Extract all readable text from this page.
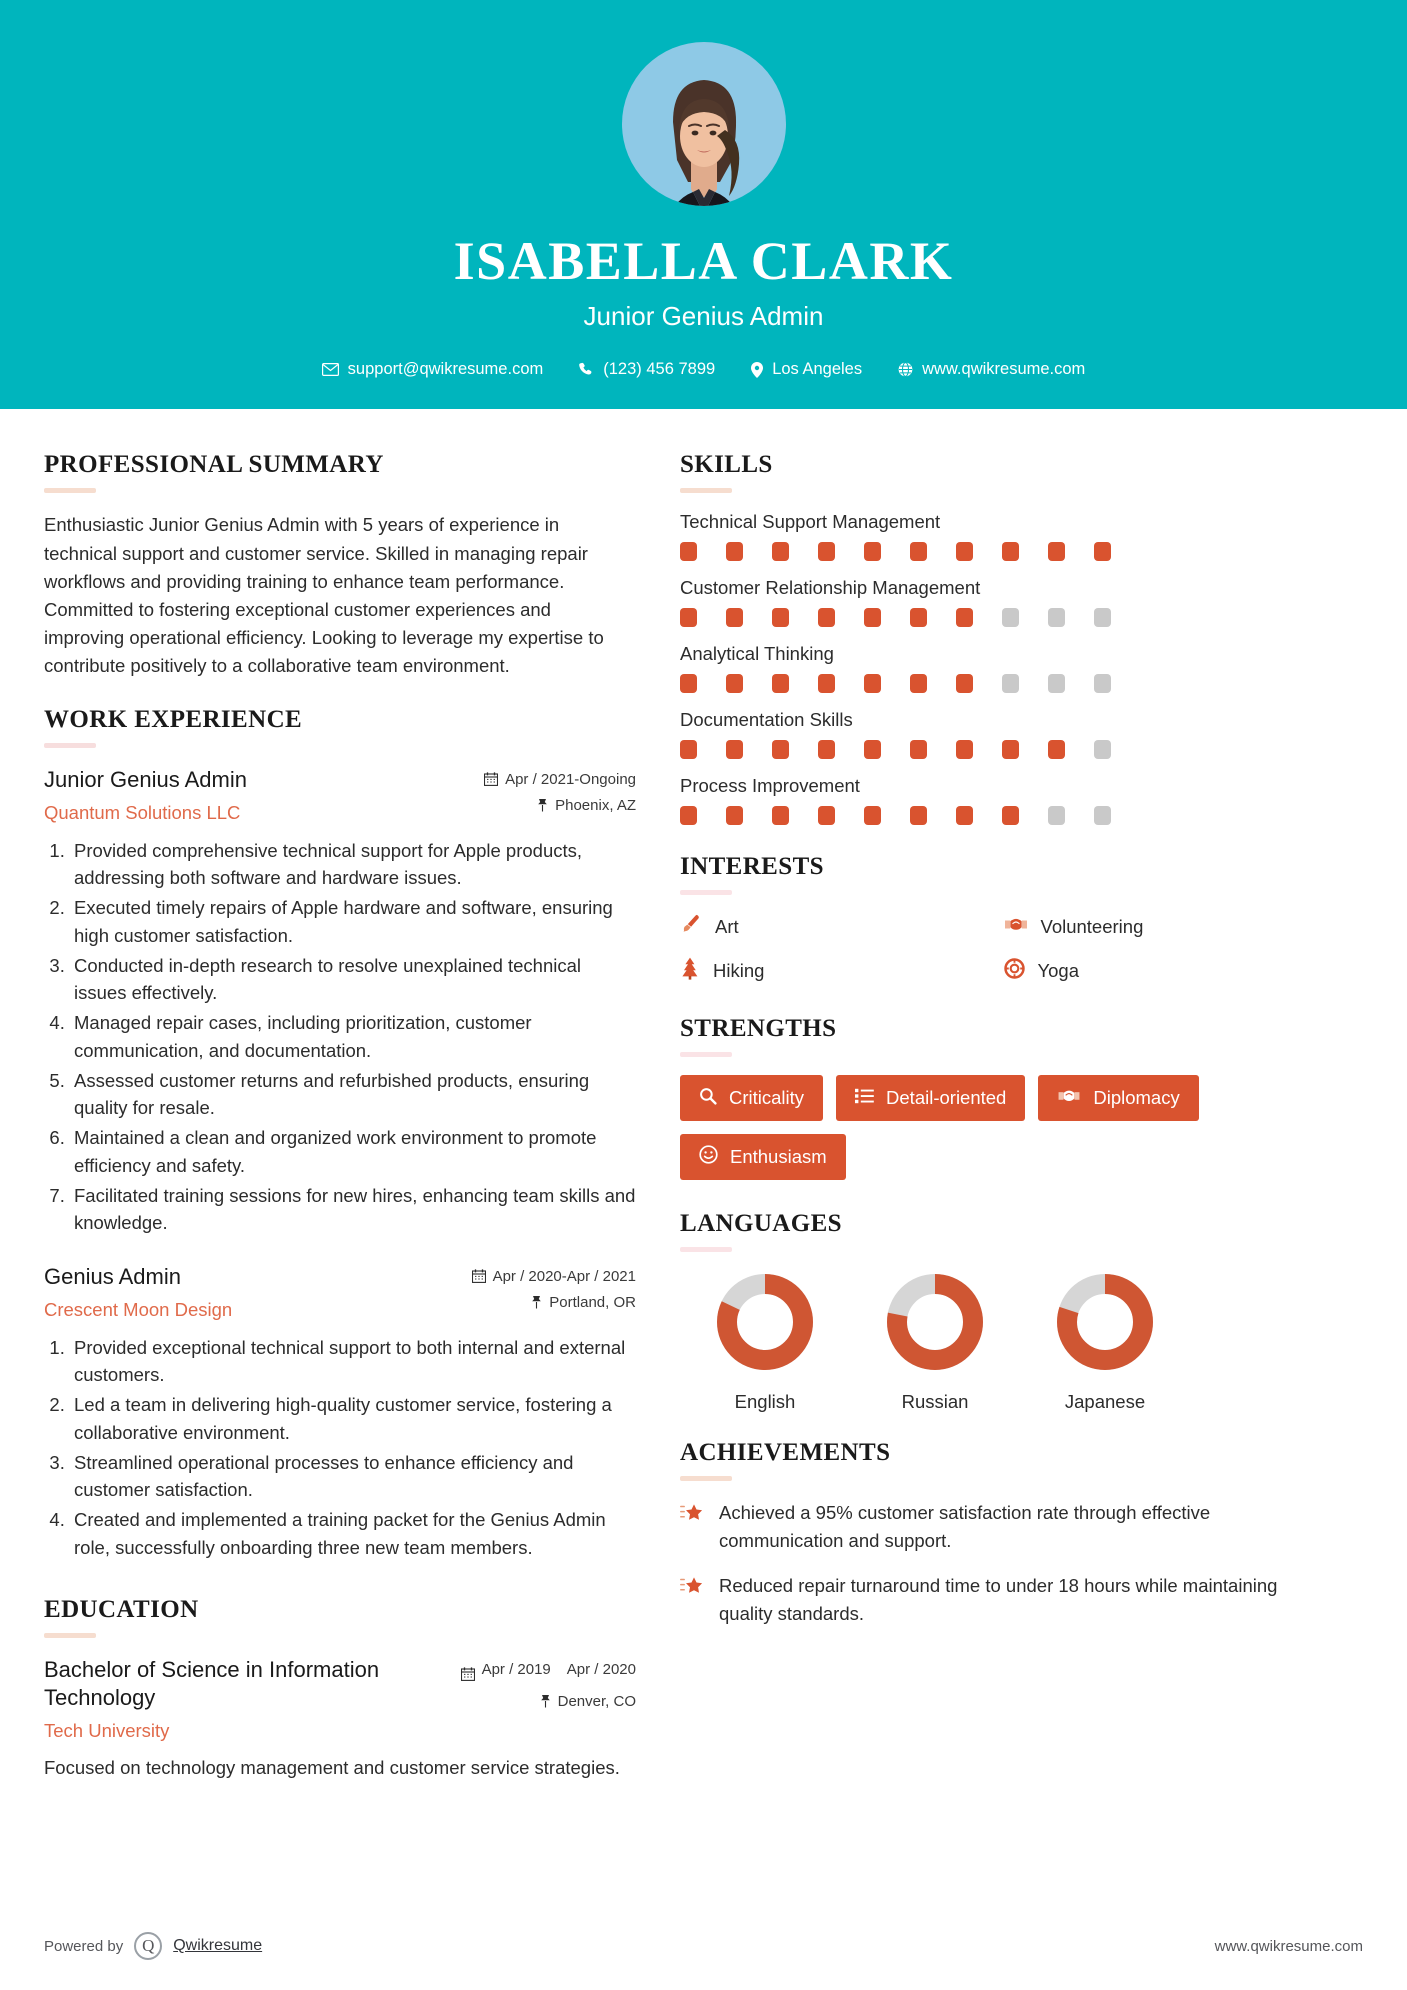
ISABELLA CLARK
Junior Genius Admin
support@qwikresume.com	(123) 456 7899	Los Angeles	www.qwikresume.com
PROFESSIONAL SUMMARY
Enthusiastic Junior Genius Admin with 5 years of experience in technical support and customer service. Skilled in managing repair workflows and providing training to enhance team performance. Committed to fostering exceptional customer experiences and improving operational efficiency. Looking to leverage my expertise to contribute positively to a collaborative team environment.
WORK EXPERIENCE
Junior Genius Admin
Quantum Solutions LLC
Apr / 2021-Ongoing
Phoenix, AZ
1. Provided comprehensive technical support for Apple products, addressing both software and hardware issues.
2. Executed timely repairs of Apple hardware and software, ensuring high customer satisfaction.
3. Conducted in-depth research to resolve unexplained technical issues effectively.
4. Managed repair cases, including prioritization, customer communication, and documentation.
5. Assessed customer returns and refurbished products, ensuring quality for resale.
6. Maintained a clean and organized work environment to promote efficiency and safety.
7. Facilitated training sessions for new hires, enhancing team skills and knowledge.
Genius Admin
Crescent Moon Design
Apr / 2020-Apr / 2021
Portland, OR
1. Provided exceptional technical support to both internal and external customers.
2. Led a team in delivering high-quality customer service, fostering a collaborative environment.
3. Streamlined operational processes to enhance efficiency and customer satisfaction.
4. Created and implemented a training packet for the Genius Admin role, successfully onboarding three new team members.
EDUCATION
Bachelor of Science in Information Technology
Tech University
Apr / 2019 Apr / 2020
Denver, CO
Focused on technology management and customer service strategies.
SKILLS
Technical Support Management
Customer Relationship Management
Analytical Thinking
Documentation Skills
Process Improvement
INTERESTS
Art	Volunteering
Hiking	Yoga
STRENGTHS
Criticality	Detail-oriented	Diplomacy
Enthusiasm
LANGUAGES
English	Russian	Japanese
ACHIEVEMENTS
Achieved a 95% customer satisfaction rate through effective communication and support.
Reduced repair turnaround time to under 18 hours while maintaining quality standards.
Powered by	Q	Qwikresume	www.qwikresume.com
